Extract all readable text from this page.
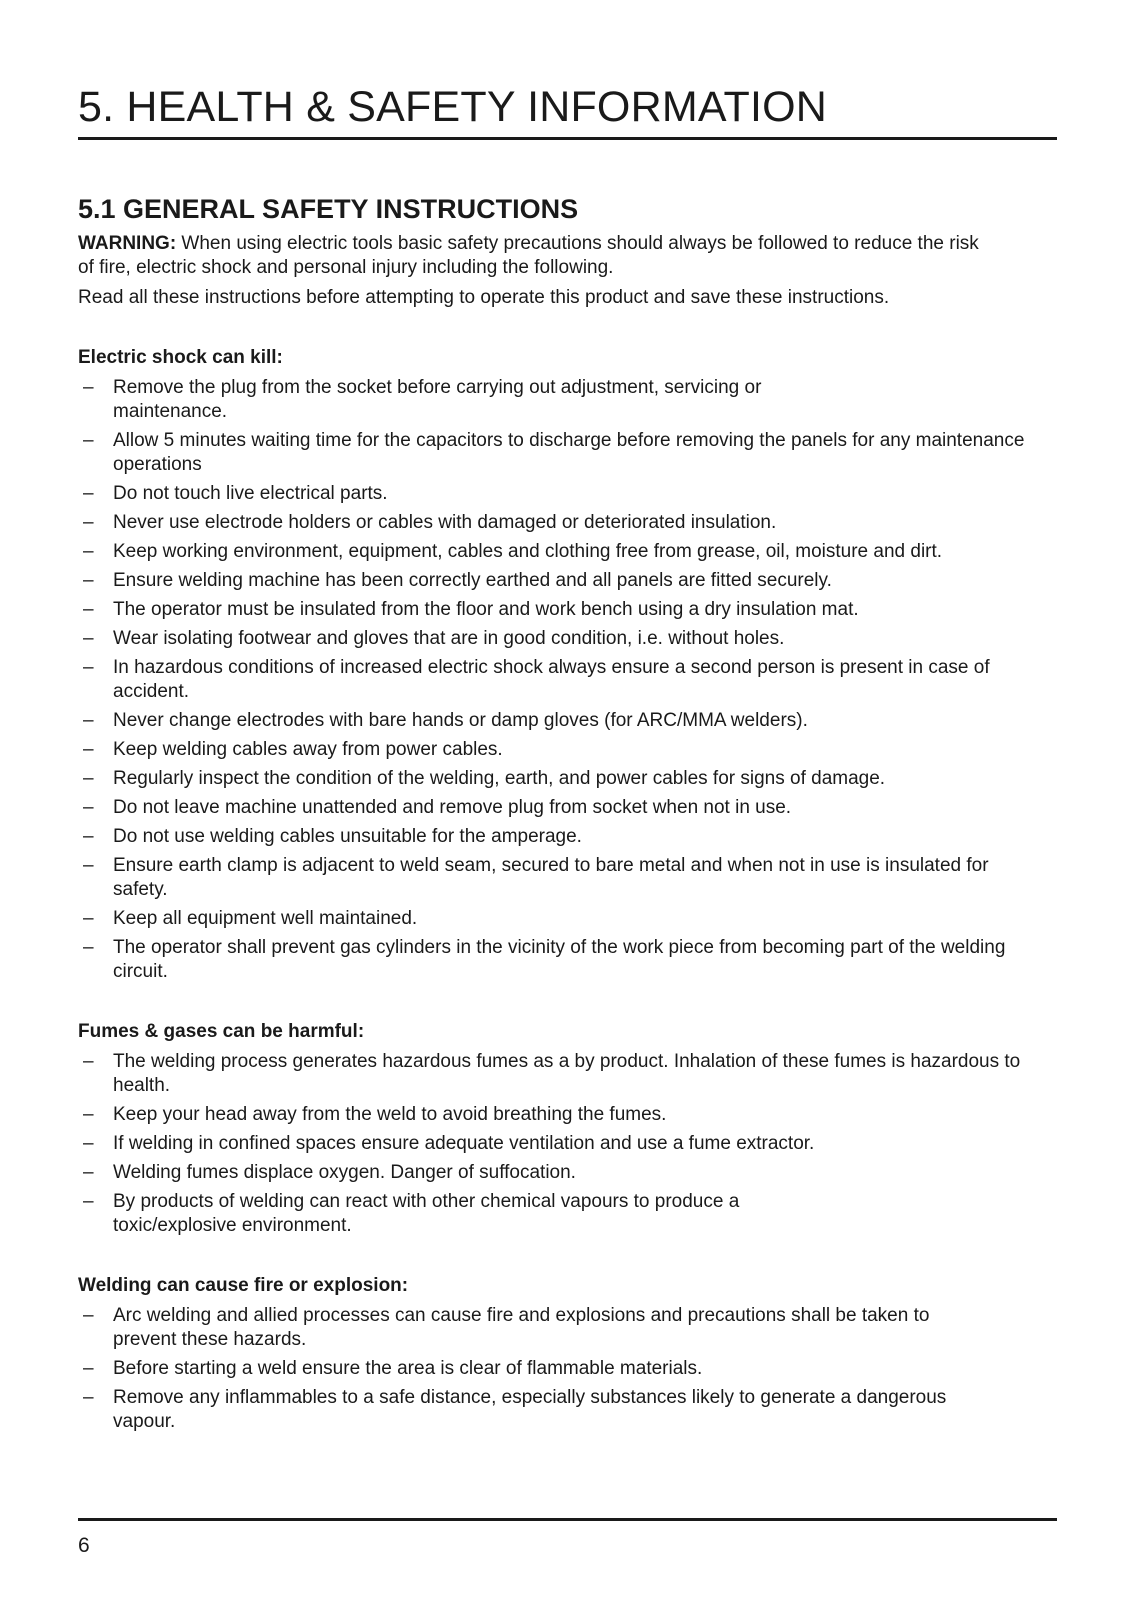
5. HEALTH & SAFETY INFORMATION
5.1 GENERAL SAFETY INSTRUCTIONS

WARNING: When using electric tools basic safety precautions should always be followed to reduce the risk of fire, electric shock and personal injury including the following.

Read all these instructions before attempting to operate this product and save these instructions.

Electric shock can kill:
– Remove the plug from the socket before carrying out adjustment, servicing or maintenance.
– Allow 5 minutes waiting time for the capacitors to discharge before removing the panels for any maintenance operations
– Do not touch live electrical parts.
– Never use electrode holders or cables with damaged or deteriorated insulation.
– Keep working environment, equipment, cables and clothing free from grease, oil, moisture and dirt.
– Ensure welding machine has been correctly earthed and all panels are fitted securely.
– The operator must be insulated from the floor and work bench using a dry insulation mat.
– Wear isolating footwear and gloves that are in good condition, i.e. without holes.
– In hazardous conditions of increased electric shock always ensure a second person is present in case of accident.
– Never change electrodes with bare hands or damp gloves (for ARC/MMA welders).
– Keep welding cables away from power cables.
– Regularly inspect the condition of the welding, earth, and power cables for signs of damage.
– Do not leave machine unattended and remove plug from socket when not in use.
– Do not use welding cables unsuitable for the amperage.
– Ensure earth clamp is adjacent to weld seam, secured to bare metal and when not in use is insulated for safety.
– Keep all equipment well maintained.
– The operator shall prevent gas cylinders in the vicinity of the work piece from becoming part of the welding circuit.
Fumes & gases can be harmful:
– The welding process generates hazardous fumes as a by product. Inhalation of these fumes is hazardous to health.
– Keep your head away from the weld to avoid breathing the fumes.
– If welding in confined spaces ensure adequate ventilation and use a fume extractor.
– Welding fumes displace oxygen. Danger of suffocation.
– By products of welding can react with other chemical vapours to produce a toxic/explosive environment.
Welding can cause fire or explosion:
– Arc welding and allied processes can cause fire and explosions and precautions shall be taken to prevent these hazards.
– Before starting a weld ensure the area is clear of flammable materials.
– Remove any inflammables to a safe distance, especially substances likely to generate a dangerous vapour.
6
